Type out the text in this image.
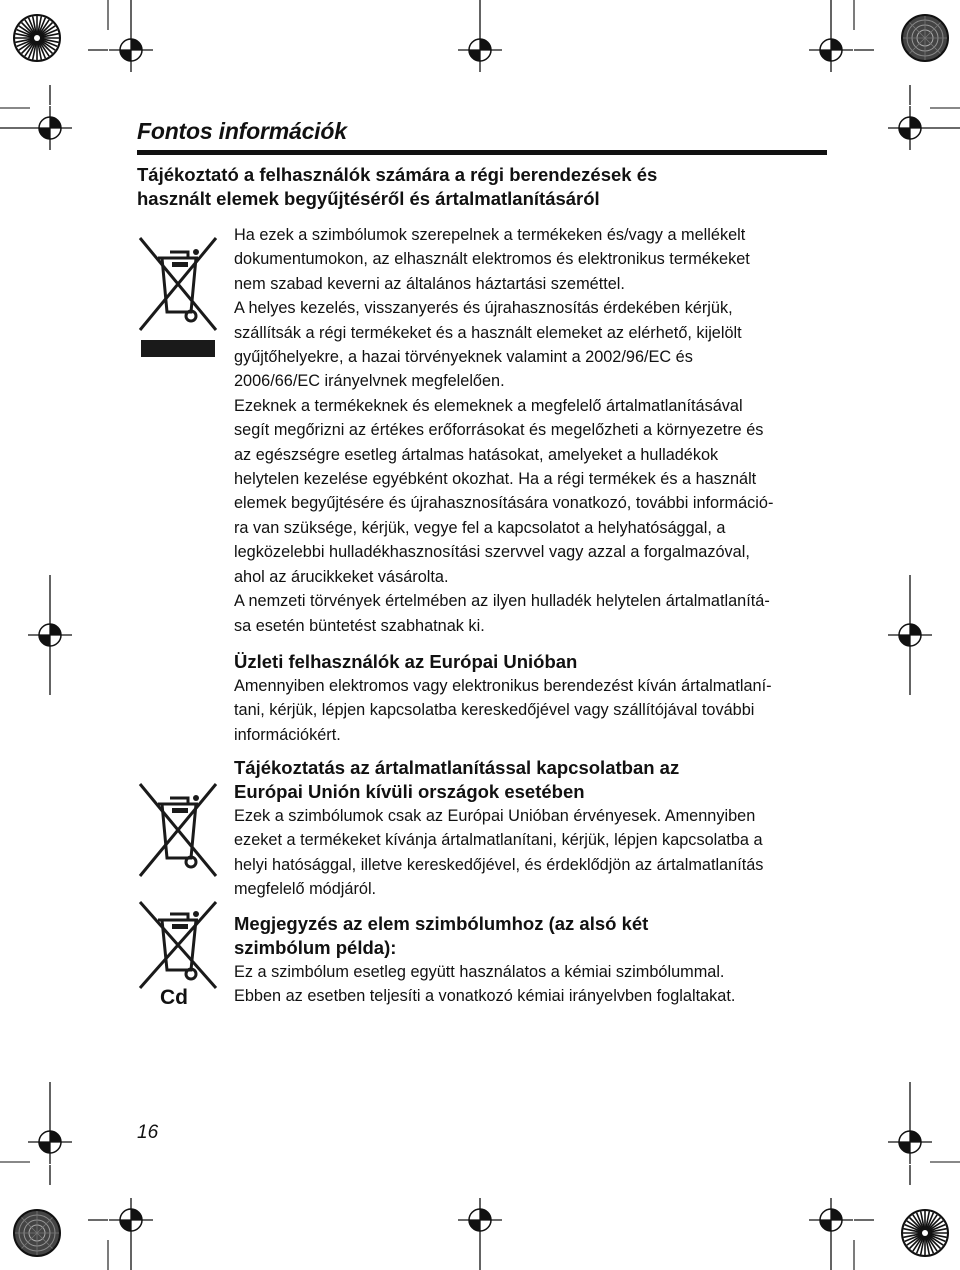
Fontos információk
Tájékoztató a felhasználók számára a régi berendezések és
használt elemek begyűjtéséről és ártalmatlanításáról
Cd

Ha ezek a szimbólumok szerepelnek a termékeken és/vagy a mellékelt
dokumentumokon, az elhasznált elektromos és elektronikus termékeket
nem szabad keverni az általános háztartási szeméttel.

A helyes kezelés, visszanyerés és újrahasznosítás érdekében kérjük,
szállítsák a régi termékeket és a használt elemeket az elérhető, kijelölt
gyűjtőhelyekre, a hazai törvényeknek valamint a 2002/96/EC és
2006/66/EC irányelvnek megfelelően.

Ezeknek a termékeknek és elemeknek a megfelelő ártalmatlanításával
segít megőrizni az értékes erőforrásokat és megelőzheti a környezetre és
az egészségre esetleg ártalmas hatásokat, amelyeket a hulladékok
helytelen kezelése egyébként okozhat. Ha a régi termékek és a használt
elemek begyűjtésére és újrahasznosítására vonatkozó, további információ-
ra van szüksége, kérjük, vegye fel a kapcsolatot a helyhatósággal, a
legközelebbi hulladékhasznosítási szervvel vagy azzal a forgalmazóval,
ahol az árucikkeket vásárolta.

A nemzeti törvények értelmében az ilyen hulladék helytelen ártalmatlanítá-
sa esetén büntetést szabhatnak ki.

Üzleti felhasználók az Európai Unióban

Amennyiben elektromos vagy elektronikus berendezést kíván ártalmatlaní-
tani, kérjük, lépjen kapcsolatba kereskedőjével vagy szállítójával további
információkért.

Tájékoztatás az ártalmatlanítással kapcsolatban az
Európai Unión kívüli országok esetében

Ezek a szimbólumok csak az Európai Unióban érvényesek. Amennyiben
ezeket a termékeket kívánja ártalmatlanítani, kérjük, lépjen kapcsolatba a
helyi hatósággal, illetve kereskedőjével, és érdeklődjön az ártalmatlanítás
megfelelő módjáról.

Megjegyzés az elem szimbólumhoz (az alsó két
szimbólum példa):

Ez a szimbólum esetleg együtt használatos a kémiai szimbólummal.
Ebben az esetben teljesíti a vonatkozó kémiai irányelvben foglaltakat.

16
